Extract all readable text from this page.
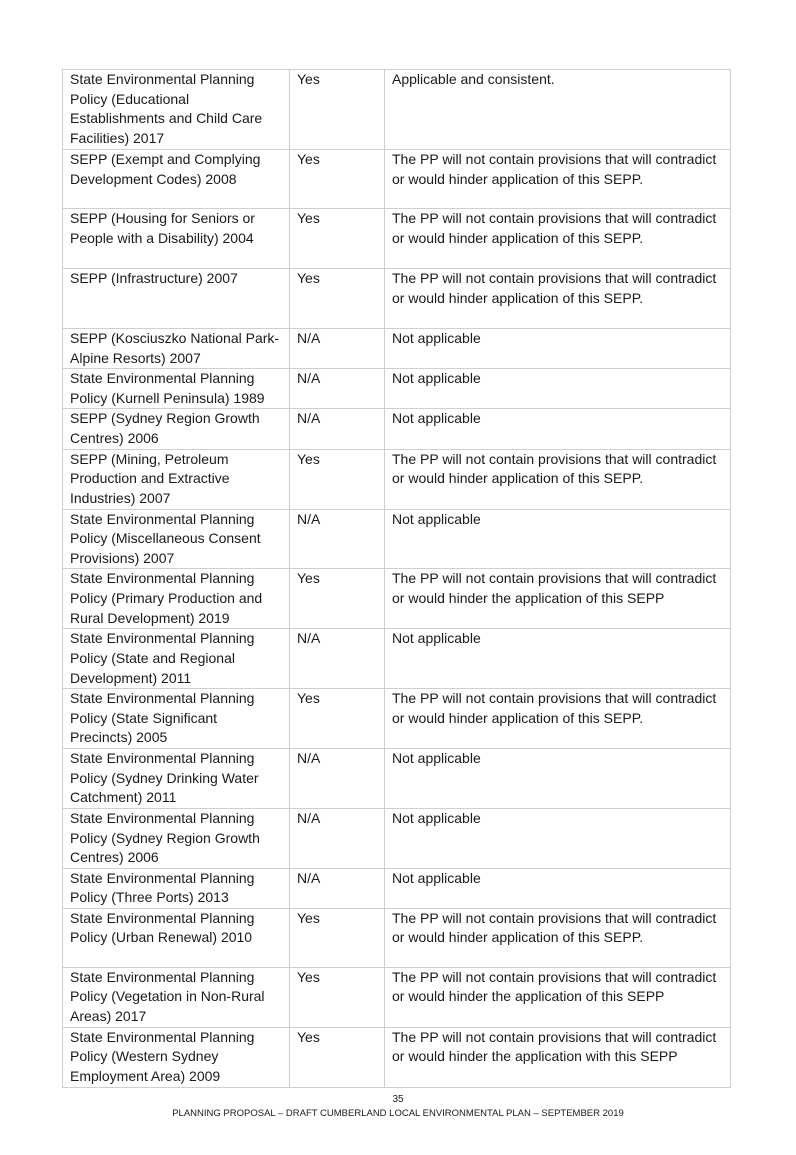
State Environmental Planning Policy (Educational Establishments and Child Care Facilities) 2017	Yes	Applicable and consistent.
SEPP (Exempt and Complying Development Codes) 2008	Yes	The PP will not contain provisions that will contradict or would hinder application of this SEPP.
SEPP (Housing for Seniors or People with a Disability) 2004	Yes	The PP will not contain provisions that will contradict or would hinder application of this SEPP.
SEPP (Infrastructure) 2007	Yes	The PP will not contain provisions that will contradict or would hinder application of this SEPP.
SEPP (Kosciuszko National Park-Alpine Resorts) 2007	N/A	Not applicable
State Environmental Planning Policy (Kurnell Peninsula) 1989	N/A	Not applicable
SEPP (Sydney Region Growth Centres) 2006	N/A	Not applicable
SEPP (Mining, Petroleum Production and Extractive Industries) 2007	Yes	The PP will not contain provisions that will contradict or would hinder application of this SEPP.
State Environmental Planning Policy (Miscellaneous Consent Provisions) 2007	N/A	Not applicable
State Environmental Planning Policy (Primary Production and Rural Development) 2019	Yes	The PP will not contain provisions that will contradict or would hinder the application of this SEPP
State Environmental Planning Policy (State and Regional Development) 2011	N/A	Not applicable
State Environmental Planning Policy (State Significant Precincts) 2005	Yes	The PP will not contain provisions that will contradict or would hinder application of this SEPP.
State Environmental Planning Policy (Sydney Drinking Water Catchment) 2011	N/A	Not applicable
State Environmental Planning Policy (Sydney Region Growth Centres) 2006	N/A	Not applicable
State Environmental Planning Policy (Three Ports) 2013	N/A	Not applicable
State Environmental Planning Policy (Urban Renewal) 2010	Yes	The PP will not contain provisions that will contradict or would hinder application of this SEPP.
State Environmental Planning Policy (Vegetation in Non-Rural Areas) 2017	Yes	The PP will not contain provisions that will contradict or would hinder the application of this SEPP
State Environmental Planning Policy (Western Sydney Employment Area) 2009	Yes	The PP will not contain provisions that will contradict or would hinder the application with this SEPP
35
PLANNING PROPOSAL – DRAFT CUMBERLAND LOCAL ENVIRONMENTAL PLAN – SEPTEMBER 2019
